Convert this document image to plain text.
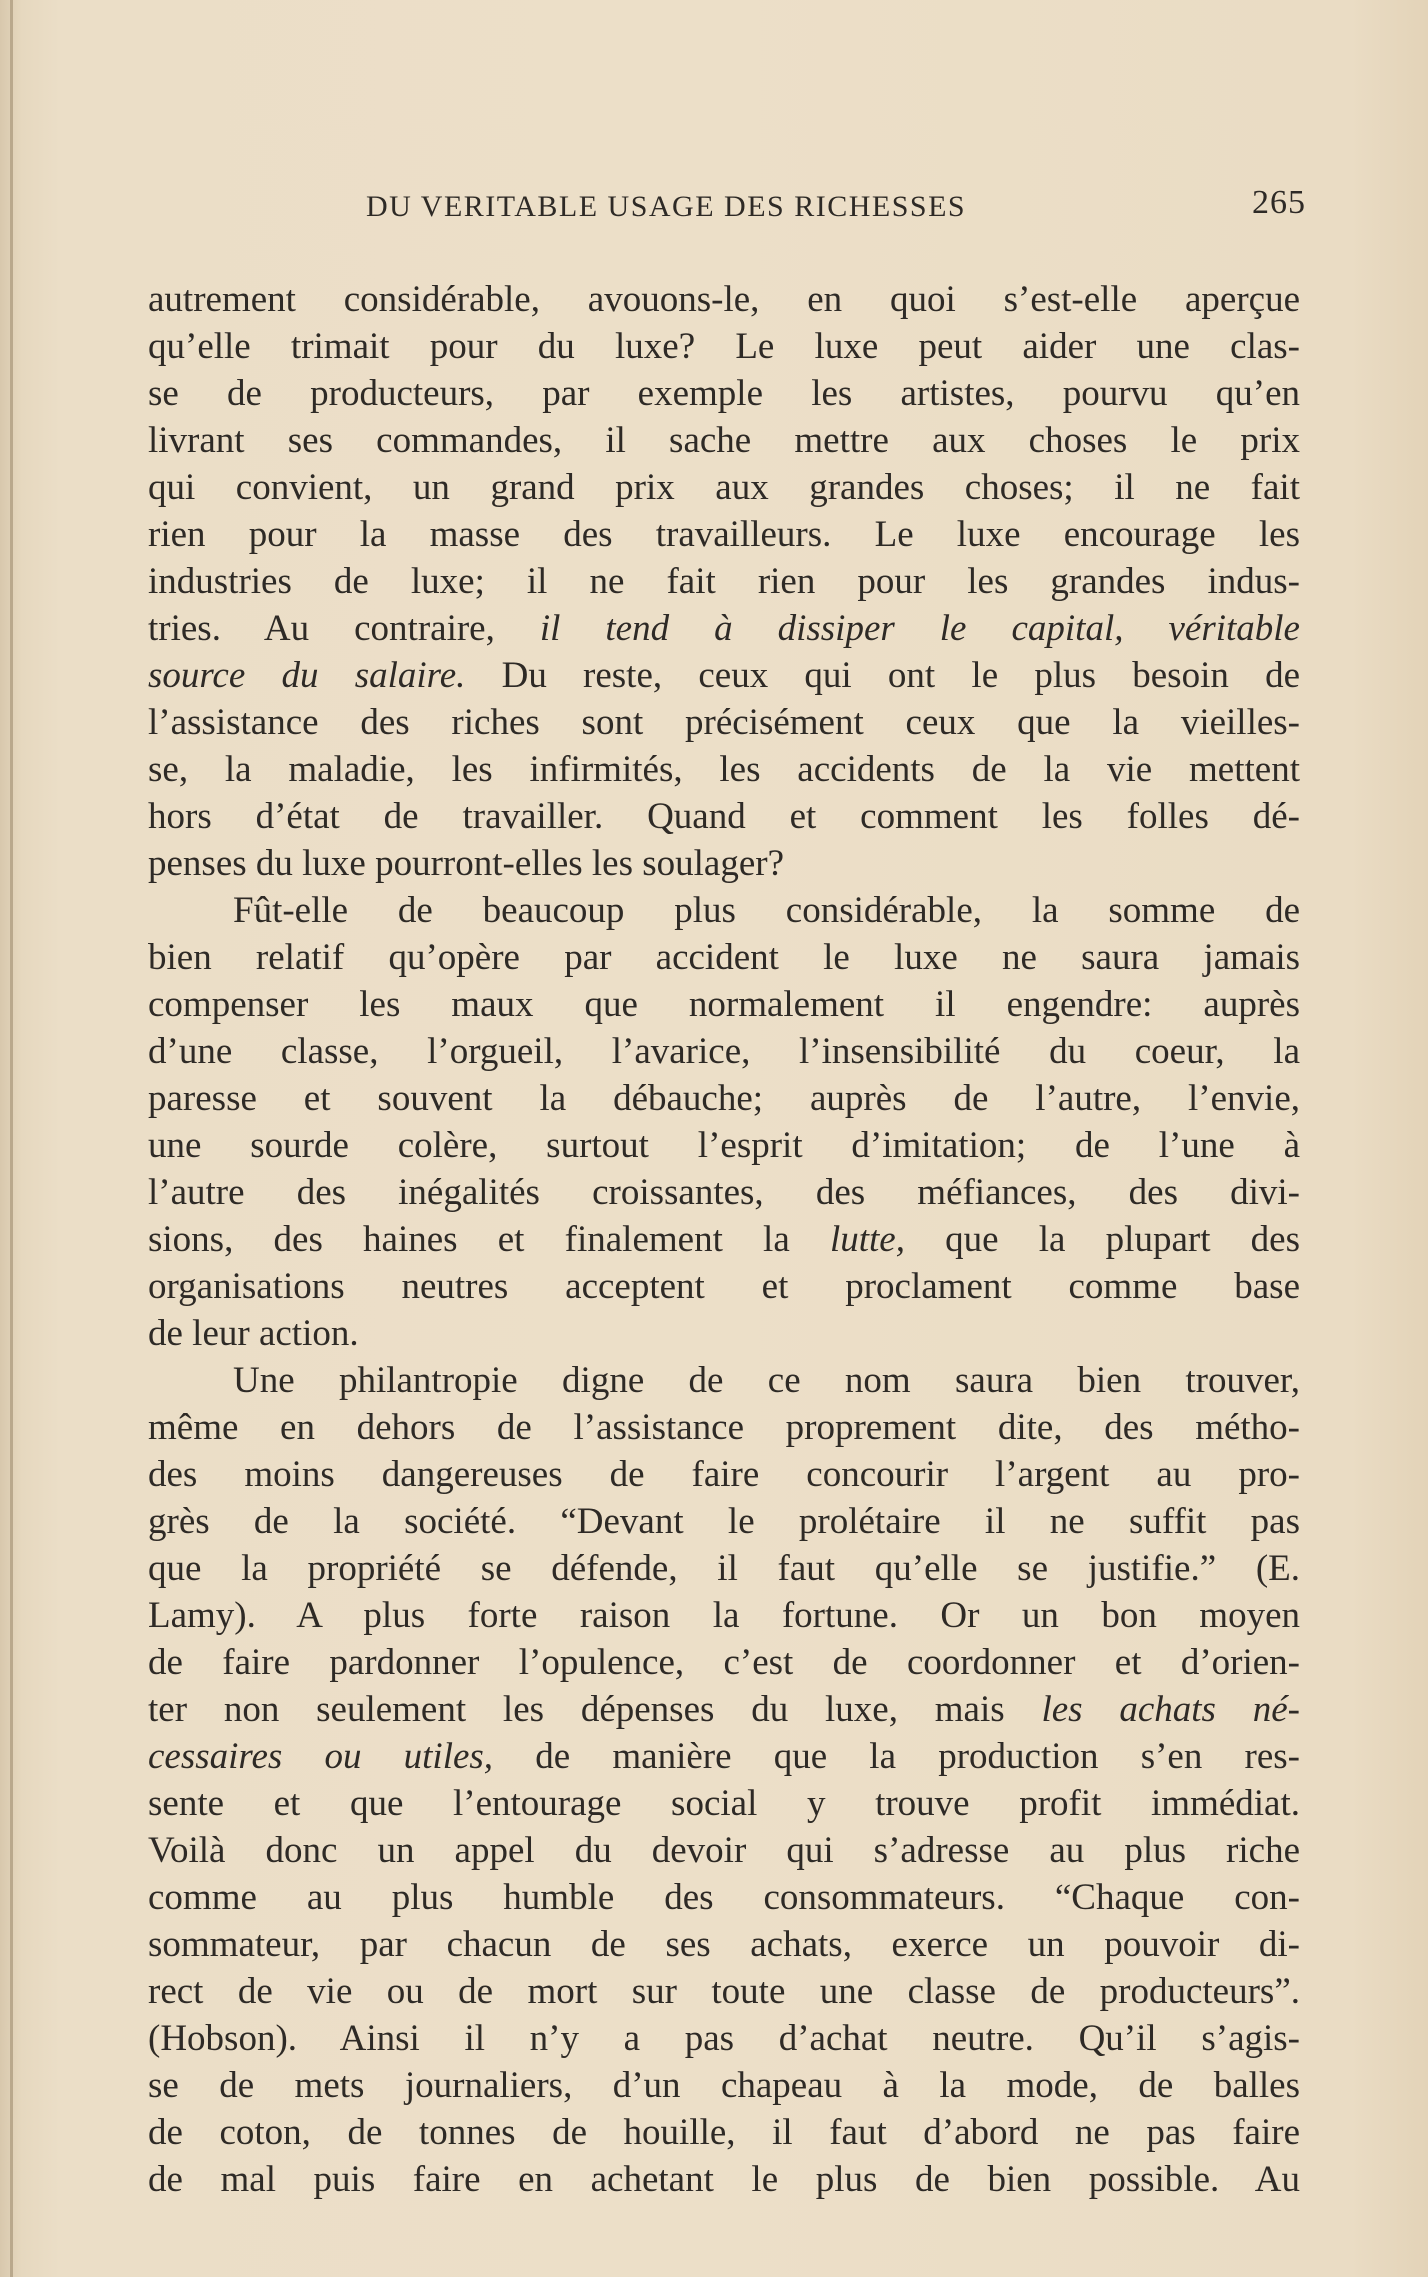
DU VERITABLE USAGE DES RICHESSES	265
autrement considérable, avouons-le, en quoi s’est-elle aperçue
qu’elle trimait pour du luxe? Le luxe peut aider une clas-
se de producteurs, par exemple les artistes, pourvu qu’en
livrant ses commandes, il sache mettre aux choses le prix
qui convient, un grand prix aux grandes choses; il ne fait
rien pour la masse des travailleurs. Le luxe encourage les
industries de luxe; il ne fait rien pour les grandes indus-
tries. Au contraire, il tend à dissiper le capital, véritable
source du salaire. Du reste, ceux qui ont le plus besoin de
l’assistance des riches sont précisément ceux que la vieilles-
se, la maladie, les infirmités, les accidents de la vie mettent
hors d’état de travailler. Quand et comment les folles dé-
penses du luxe pourront-elles les soulager?
Fût-elle de beaucoup plus considérable, la somme de
bien relatif qu’opère par accident le luxe ne saura jamais
compenser les maux que normalement il engendre: auprès
d’une classe, l’orgueil, l’avarice, l’insensibilité du coeur, la
paresse et souvent la débauche; auprès de l’autre, l’envie,
une sourde colère, surtout l’esprit d’imitation; de l’une à
l’autre des inégalités croissantes, des méfiances, des divi-
sions, des haines et finalement la lutte, que la plupart des
organisations neutres acceptent et proclament comme base
de leur action.
Une philantropie digne de ce nom saura bien trouver,
même en dehors de l’assistance proprement dite, des métho-
des moins dangereuses de faire concourir l’argent au pro-
grès de la société. “Devant le prolétaire il ne suffit pas
que la propriété se défende, il faut qu’elle se justifie.” (E.
Lamy). A plus forte raison la fortune. Or un bon moyen
de faire pardonner l’opulence, c’est de coordonner et d’orien-
ter non seulement les dépenses du luxe, mais les achats né-
cessaires ou utiles, de manière que la production s’en res-
sente et que l’entourage social y trouve profit immédiat.
Voilà donc un appel du devoir qui s’adresse au plus riche
comme au plus humble des consommateurs. “Chaque con-
sommateur, par chacun de ses achats, exerce un pouvoir di-
rect de vie ou de mort sur toute une classe de producteurs”.
(Hobson). Ainsi il n’y a pas d’achat neutre. Qu’il s’agis-
se de mets journaliers, d’un chapeau à la mode, de balles
de coton, de tonnes de houille, il faut d’abord ne pas faire
de mal puis faire en achetant le plus de bien possible. Au
